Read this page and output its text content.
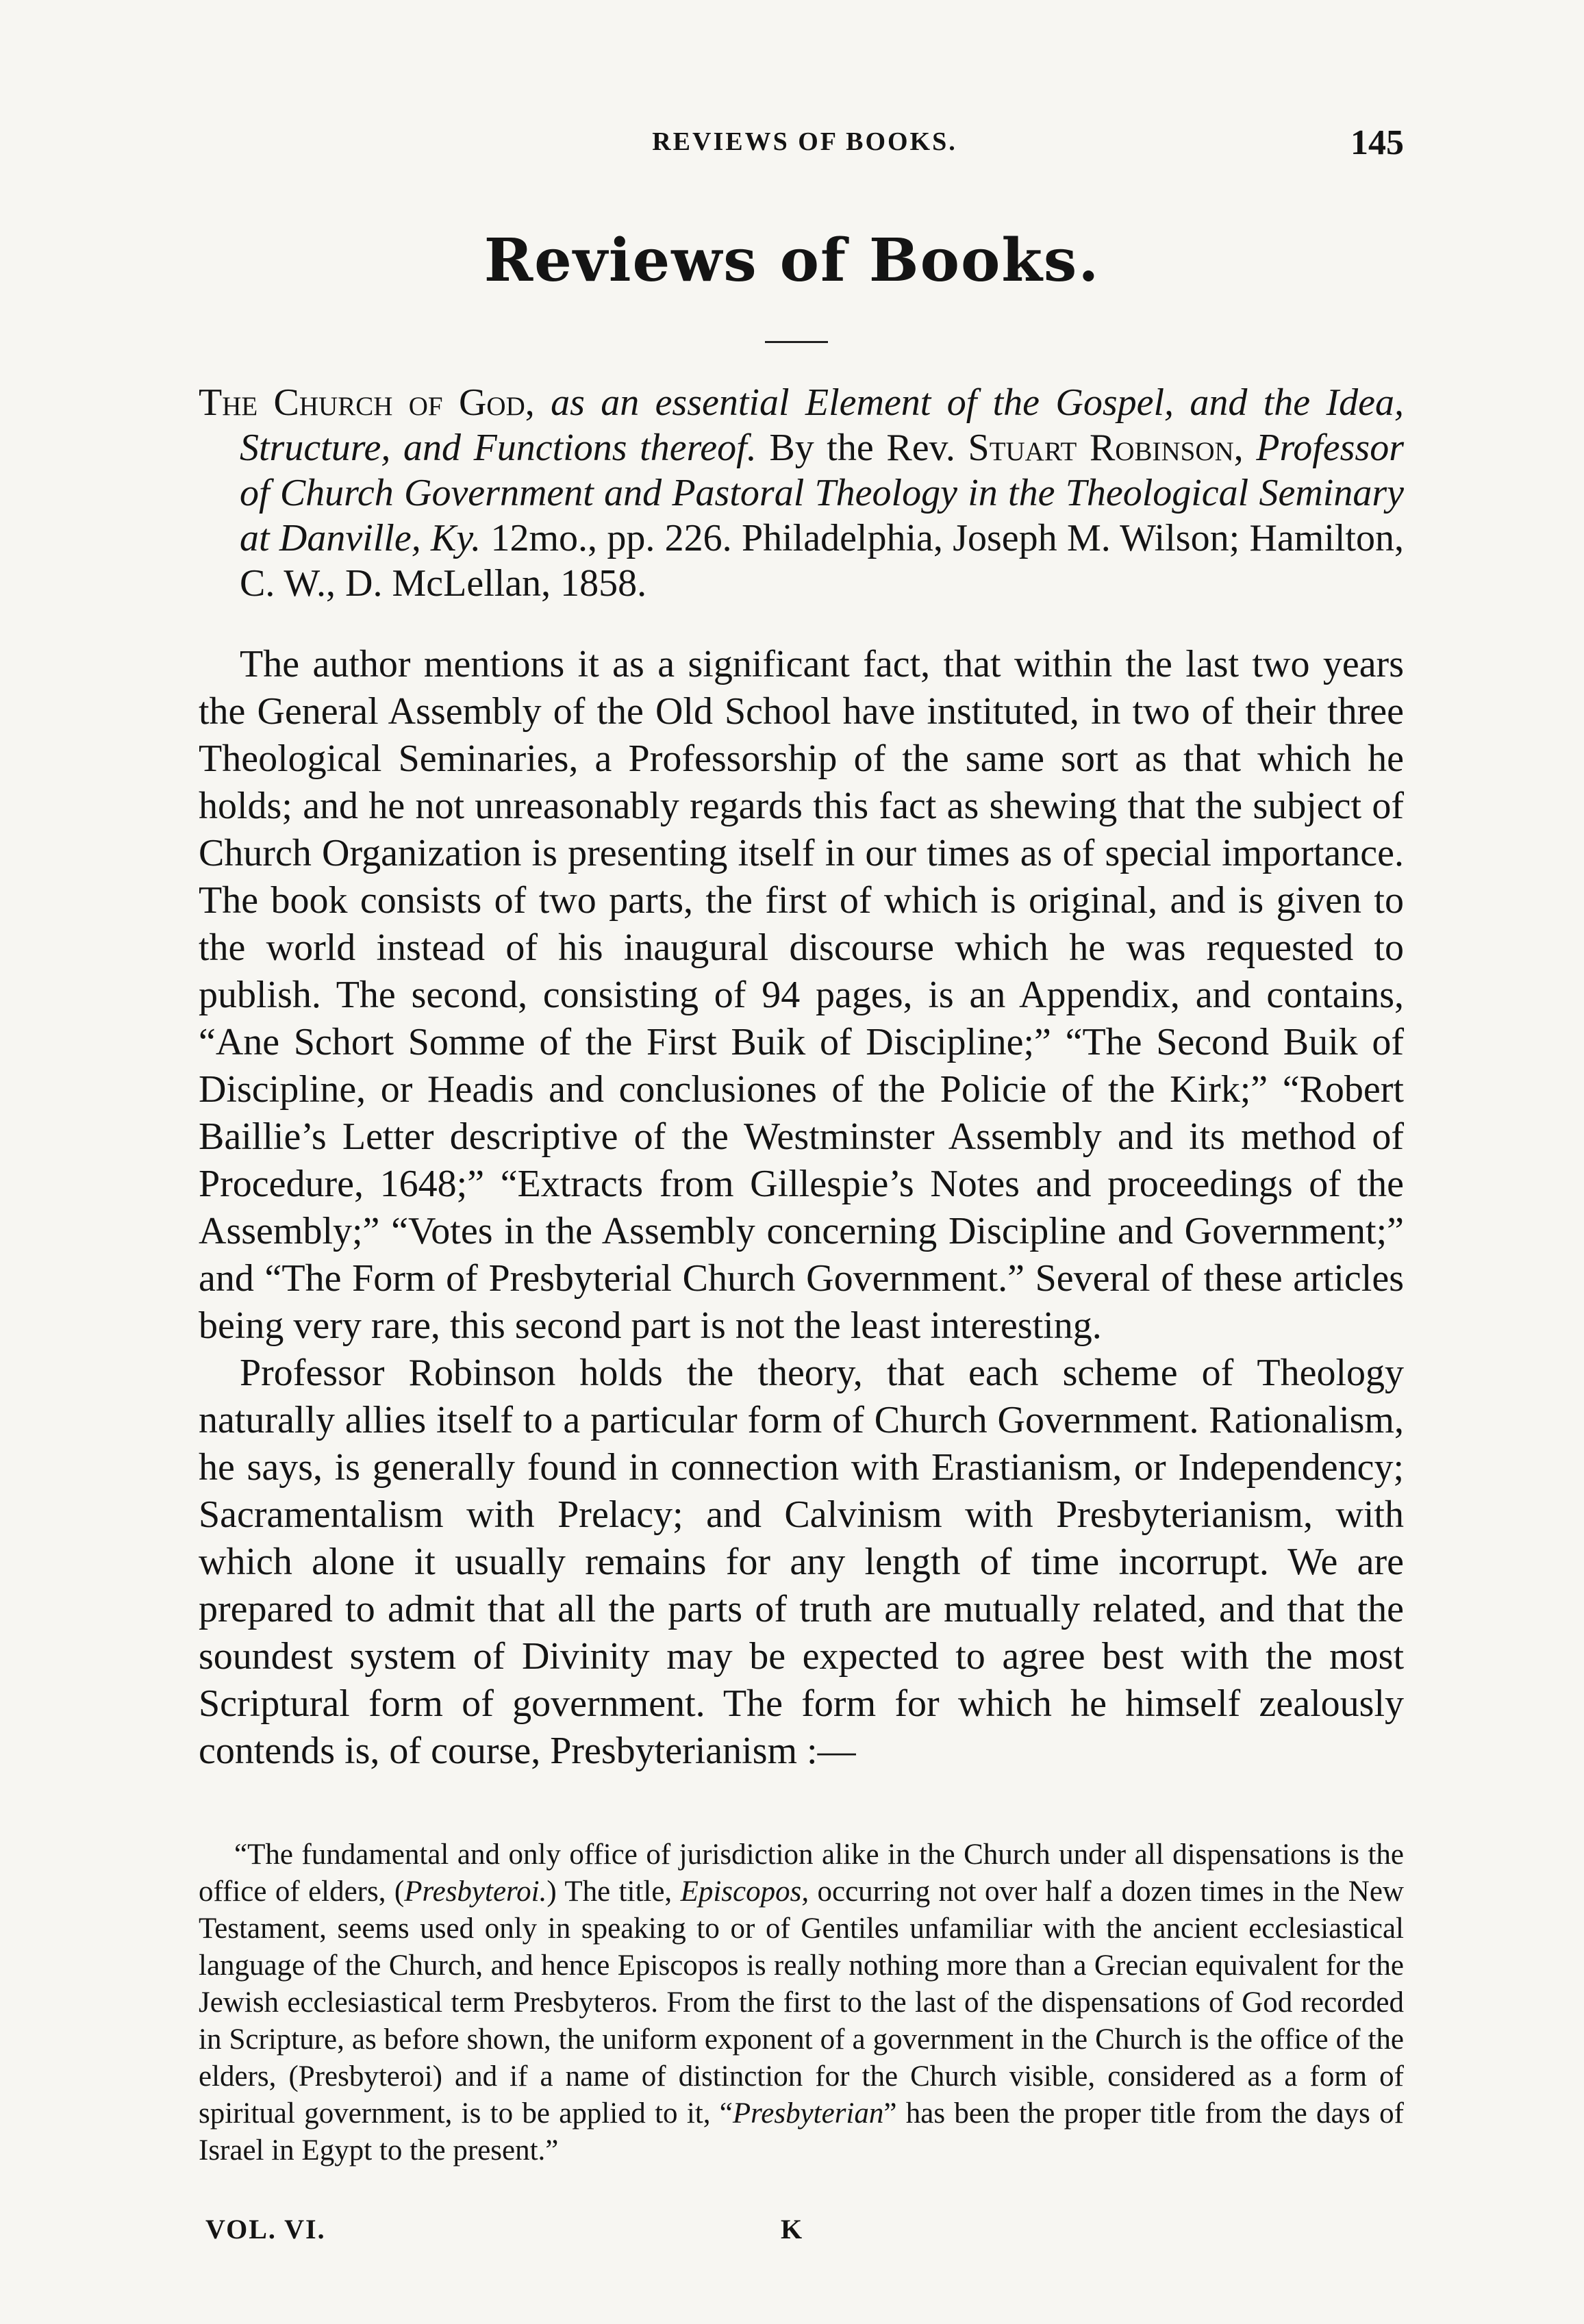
REVIEWS OF BOOKS.	145
Reviews of Books.
The Church of God, as an essential Element of the Gospel, and the Idea, Structure, and Functions thereof. By the Rev. Stuart Robinson, Professor of Church Government and Pastoral Theology in the Theological Seminary at Danville, Ky. 12mo., pp. 226. Philadelphia, Joseph M. Wilson; Hamilton, C. W., D. McLellan, 1858.

The author mentions it as a significant fact, that within the last two years the General Assembly of the Old School have instituted, in two of their three Theological Seminaries, a Professorship of the same sort as that which he holds; and he not unreasonably regards this fact as shewing that the subject of Church Organization is presenting itself in our times as of special importance. The book consists of two parts, the first of which is original, and is given to the world instead of his inaugural discourse which he was requested to publish. The second, consisting of 94 pages, is an Appendix, and contains, “Ane Schort Somme of the First Buik of Discipline;” “The Second Buik of Discipline, or Headis and conclusiones of the Policie of the Kirk;” “Robert Baillie’s Letter descriptive of the Westminster Assembly and its method of Procedure, 1648;” “Extracts from Gillespie’s Notes and proceedings of the Assembly;” “Votes in the Assembly concerning Discipline and Government;” and “The Form of Presbyterial Church Government.” Several of these articles being very rare, this second part is not the least interesting.

Professor Robinson holds the theory, that each scheme of Theology naturally allies itself to a particular form of Church Government. Rationalism, he says, is generally found in connection with Erastianism, or Independency; Sacramentalism with Prelacy; and Calvinism with Presbyterianism, with which alone it usually remains for any length of time incorrupt. We are prepared to admit that all the parts of truth are mutually related, and that the soundest system of Divinity may be expected to agree best with the most Scriptural form of government. The form for which he himself zealously contends is, of course, Presbyterianism :—

“The fundamental and only office of jurisdiction alike in the Church under all dispensations is the office of elders, (Presbyteroi.) The title, Episcopos, occurring not over half a dozen times in the New Testament, seems used only in speaking to or of Gentiles unfamiliar with the ancient ecclesiastical language of the Church, and hence Episcopos is really nothing more than a Grecian equivalent for the Jewish ecclesiastical term Presbyteros. From the first to the last of the dispensations of God recorded in Scripture, as before shown, the uniform exponent of a government in the Church is the office of the elders, (Presbyteroi) and if a name of distinction for the Church visible, considered as a form of spiritual government, is to be applied to it, “Presbyterian” has been the proper title from the days of Israel in Egypt to the present.”

VOL. VI.	K
